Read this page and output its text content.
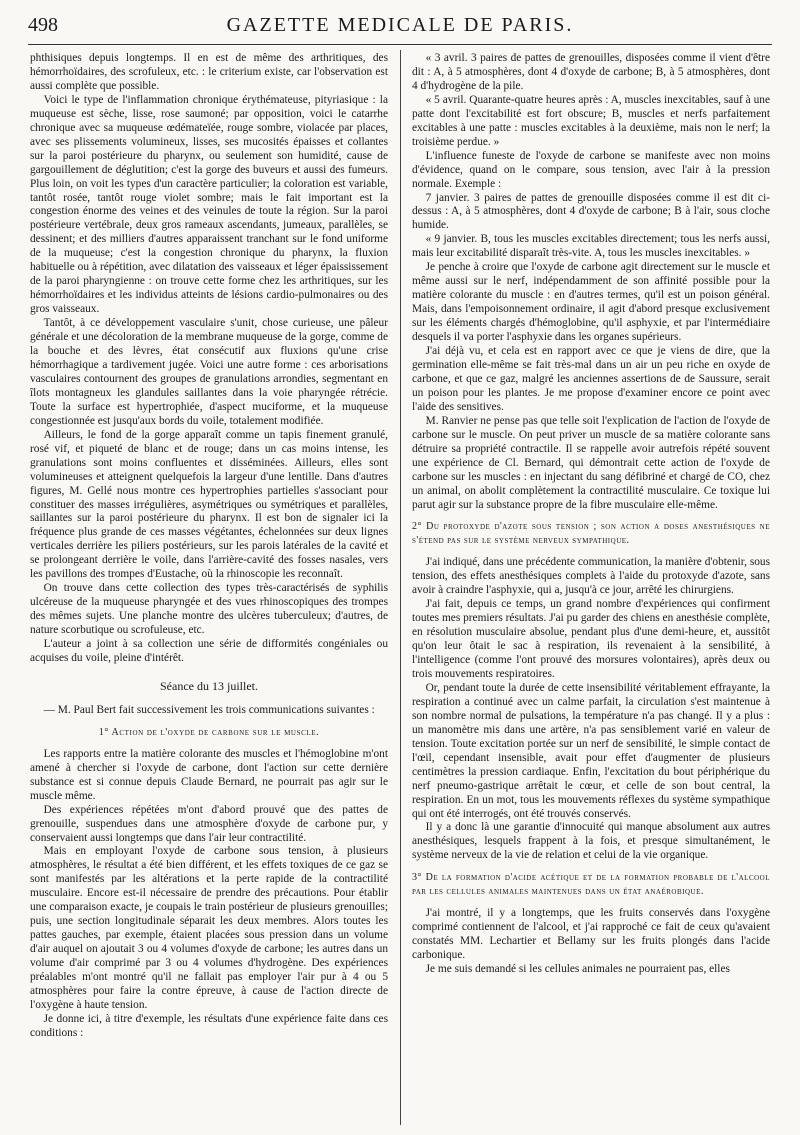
498	GAZETTE MEDICALE DE PARIS.

phthisiques depuis longtemps. Il en est de même des arthritiques, des hémorrhoïdaires, des scrofuleux, etc. : le criterium existe, car l'observation est aussi complète que possible.

Voici le type de l'inflammation chronique érythémateuse, pityriasique : la muqueuse est sèche, lisse, rose saumoné; par opposition, voici le catarrhe chronique avec sa muqueuse œdémateïée, rouge sombre, violacée par places, avec ses plissements volumineux, lisses, ses mucosités épaisses et collantes sur la paroi postérieure du pharynx, ou seulement son humidité, cause de gargouillement de déglutition; c'est la gorge des buveurs et aussi des fumeurs. Plus loin, on voit les types d'un caractère particulier; la coloration est variable, tantôt rosée, tantôt rouge violet sombre; mais le fait important est la congestion énorme des veines et des veinules de toute la région. Sur la paroi postérieure vertébrale, deux gros rameaux ascendants, jumeaux, parallèles, se dessinent; et des milliers d'autres apparaissent tranchant sur le fond uniforme de la muqueuse; c'est la congestion chronique du pharynx, la fluxion habituelle ou à répétition, avec dilatation des vaisseaux et léger épaississement de la paroi pharyngienne : on trouve cette forme chez les arthritiques, sur les hémorrhoïdaires et les individus atteints de lésions cardio-pulmonaires ou des gros vaisseaux.

Tantôt, à ce développement vasculaire s'unit, chose curieuse, une pâleur générale et une décoloration de la membrane muqueuse de la gorge, comme de la bouche et des lèvres, état consécutif aux fluxions qu'une crise hémorrhagique a tardivement jugée. Voici une autre forme : ces arborisations vasculaires contournent des groupes de granulations arrondies, segmentant en îlots montagneux les glandules saillantes dans la voie pharyngée rétrécie. Toute la surface est hypertrophiée, d'aspect muciforme, et la muqueuse congestionnée est jusqu'aux bords du voile, totalement modifiée.

Ailleurs, le fond de la gorge apparaît comme un tapis finement granulé, rosé vif, et piqueté de blanc et de rouge; dans un cas moins intense, les granulations sont moins confluentes et disséminées. Ailleurs, elles sont volumineuses et atteignent quelquefois la largeur d'une lentille. Dans d'autres figures, M. Gellé nous montre ces hypertrophies partielles s'associant pour constituer des masses irrégulières, asymétriques ou symétriques et parallèles, saillantes sur la paroi postérieure du pharynx. Il est bon de signaler ici la fréquence plus grande de ces masses végétantes, échelonnées sur deux lignes verticales derrière les piliers postérieurs, sur les parois latérales de la cavité et se prolongeant derrière le voile, dans l'arrière-cavité des fosses nasales, vers les pavillons des trompes d'Eustache, où la rhinoscopie les reconnaît.

On trouve dans cette collection des types très-caractérisés de syphilis ulcéreuse de la muqueuse pharyngée et des vues rhinoscopiques des trompes des mêmes sujets. Une planche montre des ulcères tuberculeux; d'autres, de nature scorbutique ou scrofuleuse, etc.

L'auteur a joint à sa collection une série de difformités congéniales ou acquises du voile, pleine d'intérêt.

Séance du 13 juillet.

— M. Paul Bert fait successivement les trois communications suivantes :

1° Action de l'oxyde de carbone sur le muscle.

Les rapports entre la matière colorante des muscles et l'hémoglobine m'ont amené à chercher si l'oxyde de carbone, dont l'action sur cette dernière substance est si connue depuis Claude Bernard, ne pourrait pas agir sur le muscle même.

Des expériences répétées m'ont d'abord prouvé que des pattes de grenouille, suspendues dans une atmosphère d'oxyde de carbone pur, y conservaient aussi longtemps que dans l'air leur contractilité.

Mais en employant l'oxyde de carbone sous tension, à plusieurs atmosphères, le résultat a été bien différent, et les effets toxiques de ce gaz se sont manifestés par les altérations et la perte rapide de la contractilité musculaire. Encore est-il nécessaire de prendre des précautions. Pour établir une comparaison exacte, je coupais le train postérieur de plusieurs grenouilles; puis, une section longitudinale séparait les deux membres. Alors toutes les pattes gauches, par exemple, étaient placées sous pression dans un volume d'air auquel on ajoutait 3 ou 4 volumes d'oxyde de carbone; les autres dans un volume d'air comprimé par 3 ou 4 volumes d'hydrogène. Des expériences préalables m'ont montré qu'il ne fallait pas employer l'air pur à 4 ou 5 atmosphères pour faire la contre épreuve, à cause de l'action directe de l'oxygène à haute tension.

Je donne ici, à titre d'exemple, les résultats d'une expérience faite dans ces conditions :

« 3 avril. 3 paires de pattes de grenouilles, disposées comme il vient d'être dit : A, à 5 atmosphères, dont 4 d'oxyde de carbone; B, à 5 atmosphères, dont 4 d'hydrogène de la pile.

« 5 avril. Quarante-quatre heures après : A, muscles inexcitables, sauf à une patte dont l'excitabilité est fort obscure; B, muscles et nerfs parfaitement excitables à une patte : muscles excitables à la deuxième, mais non le nerf; la troisième perdue. »

L'influence funeste de l'oxyde de carbone se manifeste avec non moins d'évidence, quand on le compare, sous tension, avec l'air à la pression normale. Exemple :

7 janvier. 3 paires de pattes de grenouille disposées comme il est dit ci-dessus : A, à 5 atmosphères, dont 4 d'oxyde de carbone; B à l'air, sous cloche humide.

« 9 janvier. B, tous les muscles excitables directement; tous les nerfs aussi, mais leur excitabilité disparaît très-vite. A, tous les muscles inexcitables. »

Je penche à croire que l'oxyde de carbone agit directement sur le muscle et même aussi sur le nerf, indépendamment de son affinité possible pour la matière colorante du muscle : en d'autres termes, qu'il est un poison général. Mais, dans l'empoisonnement ordinaire, il agit d'abord presque exclusivement sur les éléments chargés d'hémoglobine, qu'il asphyxie, et par l'intermédiaire desquels il va porter l'asphyxie dans les organes supérieurs.

J'ai déjà vu, et cela est en rapport avec ce que je viens de dire, que la germination elle-même se fait très-mal dans un air un peu riche en oxyde de carbone, et que ce gaz, malgré les anciennes assertions de de Saussure, serait un poison pour les plantes. Je me propose d'examiner encore ce point avec l'aide des sensitives.

M. Ranvier ne pense pas que telle soit l'explication de l'action de l'oxyde de carbone sur le muscle. On peut priver un muscle de sa matière colorante sans détruire sa propriété contractile. Il se rappelle avoir autrefois répété souvent une expérience de Cl. Bernard, qui démontrait cette action de l'oxyde de carbone sur les muscles : en injectant du sang défibriné et chargé de CO, chez un animal, on abolit complètement la contractilité musculaire. Ce toxique lui parut agir sur la substance propre de la fibre musculaire elle-même.

2° Du protoxyde d'azote sous tension ; son action a doses anesthésiques ne s'étend pas sur le système nerveux sympathique.

J'ai indiqué, dans une précédente communication, la manière d'obtenir, sous tension, des effets anesthésiques complets à l'aide du protoxyde d'azote, sans avoir à craindre l'asphyxie, qui a, jusqu'à ce jour, arrêté les chirurgiens.

J'ai fait, depuis ce temps, un grand nombre d'expériences qui confirment toutes mes premiers résultats. J'ai pu garder des chiens en anesthésie complète, en résolution musculaire absolue, pendant plus d'une demi-heure, et, aussitôt qu'on leur ôtait le sac à respiration, ils revenaient à la sensibilité, à l'intelligence (comme l'ont prouvé des morsures volontaires), après deux ou trois mouvements respiratoires.

Or, pendant toute la durée de cette insensibilité véritablement effrayante, la respiration a continué avec un calme parfait, la circulation s'est maintenue à son nombre normal de pulsations, la température n'a pas changé. Il y a plus : un manomètre mis dans une artère, n'a pas sensiblement varié en valeur de tension. Toute excitation portée sur un nerf de sensibilité, le simple contact de l'œil, cependant insensible, avait pour effet d'augmenter de plusieurs centimètres la pression cardiaque. Enfin, l'excitation du bout périphérique du nerf pneumo-gastrique arrêtait le cœur, et celle de son bout central, la respiration. En un mot, tous les mouvements réflexes du système sympathique qui ont été interrogés, ont été trouvés conservés.

Il y a donc là une garantie d'innocuité qui manque absolument aux autres anesthésiques, lesquels frappent à la fois, et presque simultanément, le système nerveux de la vie de relation et celui de la vie organique.

3° De la formation d'acide acétique et de la formation probable de l'alcool par les cellules animales maintenues dans un état anaérobique.

J'ai montré, il y a longtemps, que les fruits conservés dans l'oxygène comprimé contiennent de l'alcool, et j'ai rapproché ce fait de ceux qu'avaient constatés MM. Lechartier et Bellamy sur les fruits plongés dans l'acide carbonique.

Je me suis demandé si les cellules animales ne pourraient pas, elles
